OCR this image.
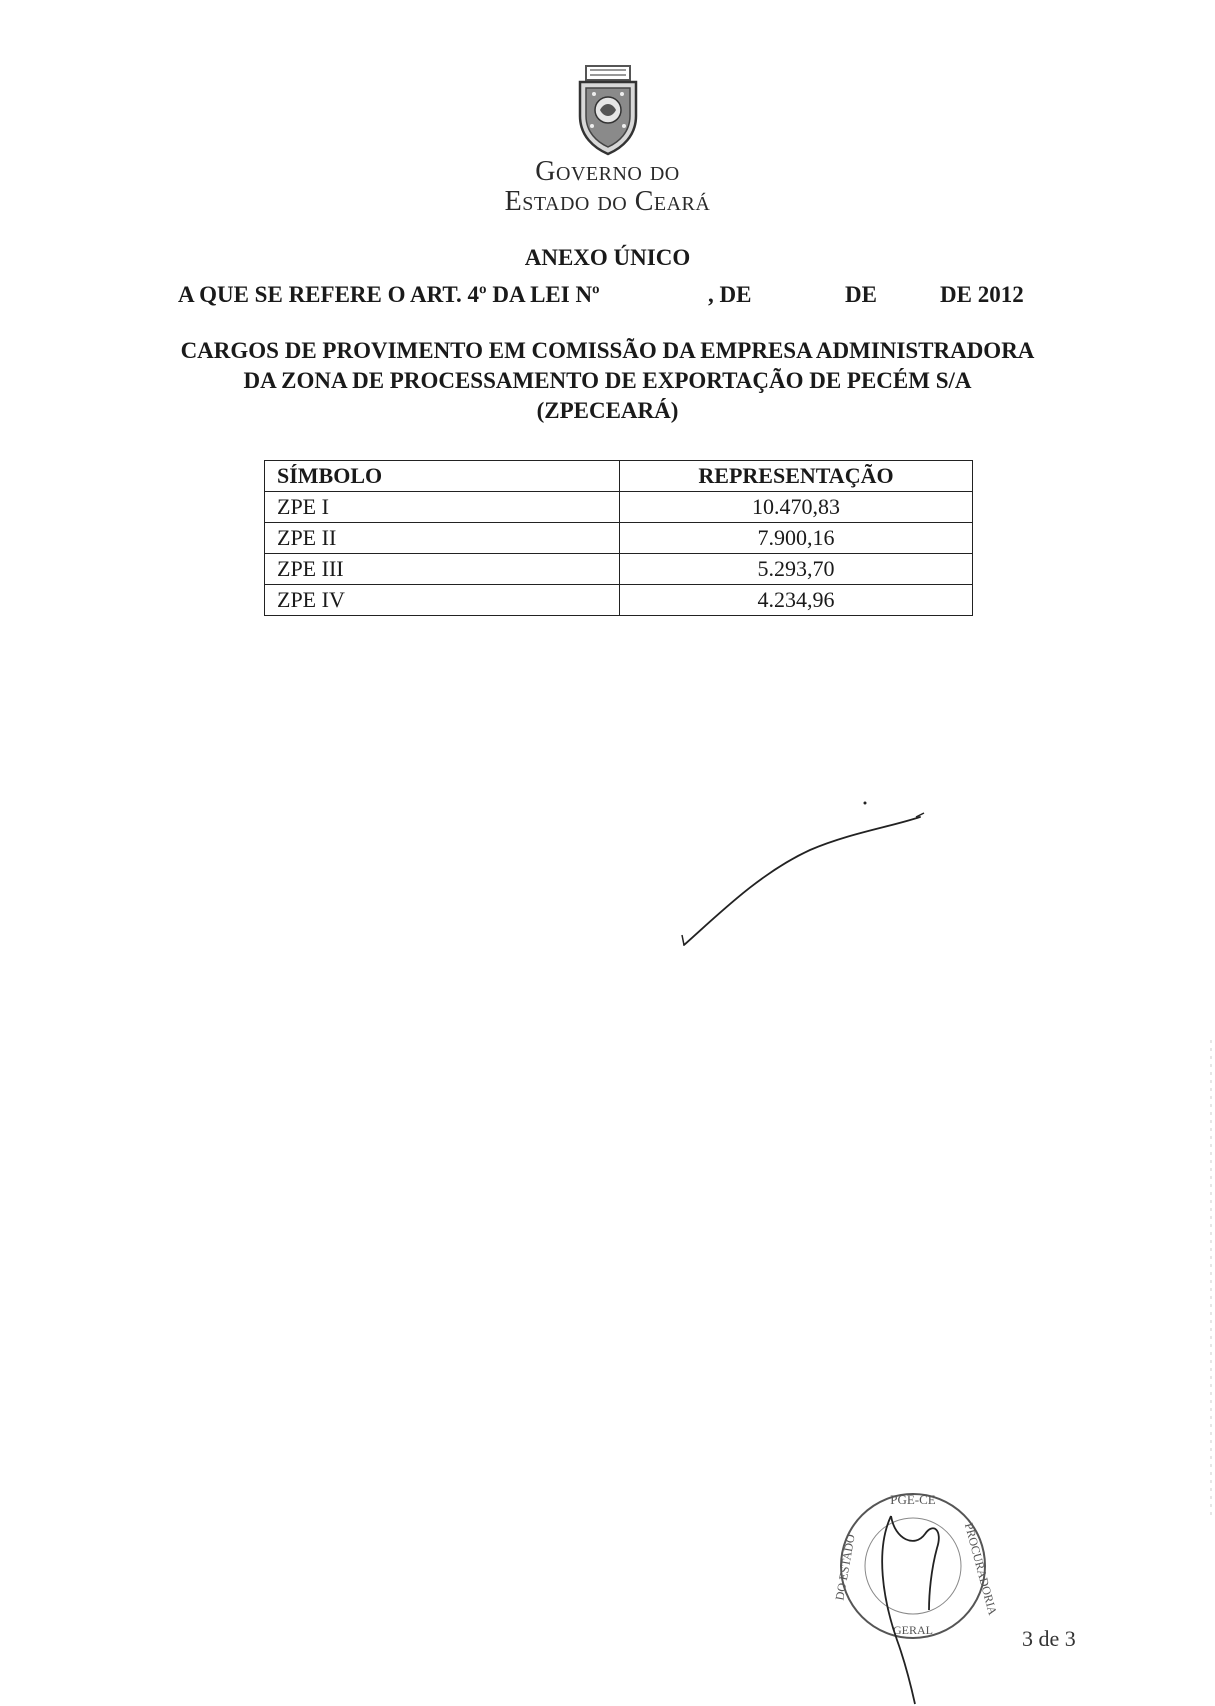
Governo do
Estado do Ceará
ANEXO ÚNICO
A QUE SE REFERE O ART. 4º DA LEI Nº	, DE	DE	DE 2012
CARGOS DE PROVIMENTO EM COMISSÃO DA EMPRESA ADMINISTRADORA
DA ZONA DE PROCESSAMENTO DE EXPORTAÇÃO DE PECÉM S/A
(ZPECEARÁ)
SÍMBOLO	REPRESENTAÇÃO
ZPE I	10.470,83
ZPE II	7.900,16
ZPE III	5.293,70
ZPE IV	4.234,96
PGE-CE
PROCURADORIA
DO ESTADO
GERAL	3 de 3
